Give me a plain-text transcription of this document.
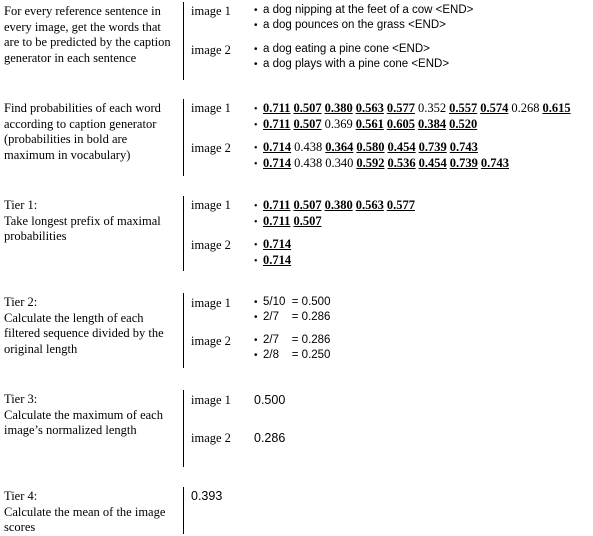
For every reference sentence in every image, get the words that are to be predicted by the caption generator in each sentence
image 1 • a dog nipping at the feet of a cow <END>
• a dog pounces on the grass <END>
image 2 • a dog eating a pine cone <END>
• a dog plays with a pine cone <END>
Find probabilities of each word according to caption generator (probabilities in bold are maximum in vocabulary)
image 1 • 0.711 0.507 0.380 0.563 0.577 0.352 0.557 0.574 0.268 0.615
• 0.711 0.507 0.369 0.561 0.605 0.384 0.520
image 2 • 0.714 0.438 0.364 0.580 0.454 0.739 0.743
• 0.714 0.438 0.340 0.592 0.536 0.454 0.739 0.743
Tier 1:
Take longest prefix of maximal probabilities
image 1 • 0.711 0.507 0.380 0.563 0.577
• 0.711 0.507
image 2 • 0.714
• 0.714
Tier 2:
Calculate the length of each filtered sequence divided by the original length
image 1 • 5/10  = 0.500
• 2/7    = 0.286
image 2 • 2/7    = 0.286
• 2/8    = 0.250
Tier 3:
Calculate the maximum of each image’s normalized length
image 1 0.500
image 2 0.286
Tier 4:
Calculate the mean of the image scores
0.393
